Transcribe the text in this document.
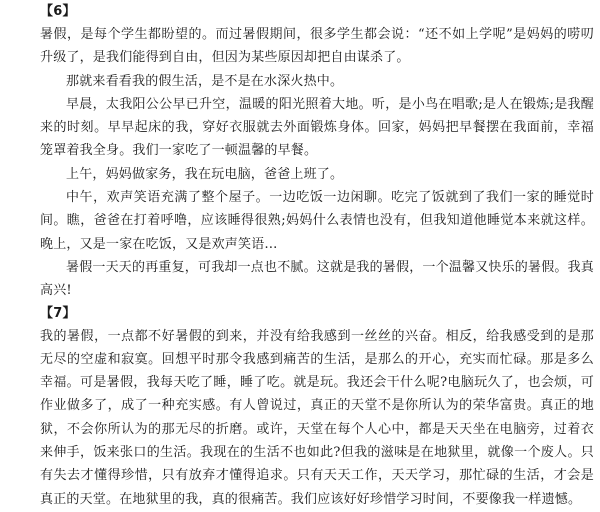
【6】

暑假，是每个学生都盼望的。而过暑假期间，很多学生都会说：“还不如上学呢”是妈妈的唠叨升级了，是我们能得到自由，但因为某些原因却把自由谋杀了。

那就来看看我的假生活，是不是在水深火热中。

早晨，太我阳公公早已升空，温暖的阳光照着大地。听，是小鸟在唱歌;是人在锻炼;是我醒来的时刻。早早起床的我，穿好衣服就去外面锻炼身体。回家，妈妈把早餐摆在我面前，幸福笼罩着我全身。我们一家吃了一顿温馨的早餐。

上午，妈妈做家务，我在玩电脑，爸爸上班了。

中午，欢声笑语充满了整个屋子。一边吃饭一边闲聊。吃完了饭就到了我们一家的睡觉时间。瞧，爸爸在打着呼噜，应该睡得很熟;妈妈什么表情也没有，但我知道他睡觉本来就这样。晚上，又是一家在吃饭，又是欢声笑语…

暑假一天天的再重复，可我却一点也不腻。这就是我的暑假，一个温馨又快乐的暑假。我真高兴!

【7】

我的暑假，一点都不好暑假的到来，并没有给我感到一丝丝的兴奋。相反，给我感受到的是那无尽的空虚和寂寞。回想平时那令我感到痛苦的生活，是那么的开心，充实而忙碌。那是多么幸福。可是暑假，我每天吃了睡，睡了吃。就是玩。我还会干什么呢?电脑玩久了，也会烦，可作业做多了，成了一种充实感。有人曾说过，真正的天堂不是你所认为的荣华富贵。真正的地狱，不会你所认为的那无尽的折磨。或许，天堂在每个人心中，都是天天坐在电脑旁，过着衣来伸手，饭来张口的生活。我现在的生活不也如此?但我的滋味是在地狱里，就像一个废人。只有失去才懂得珍惜，只有放弃才懂得追求。只有天天工作，天天学习，那忙碌的生活，才会是真正的天堂。在地狱里的我，真的很痛苦。我们应该好好珍惜学习时间，不要像我一样遗憾。
